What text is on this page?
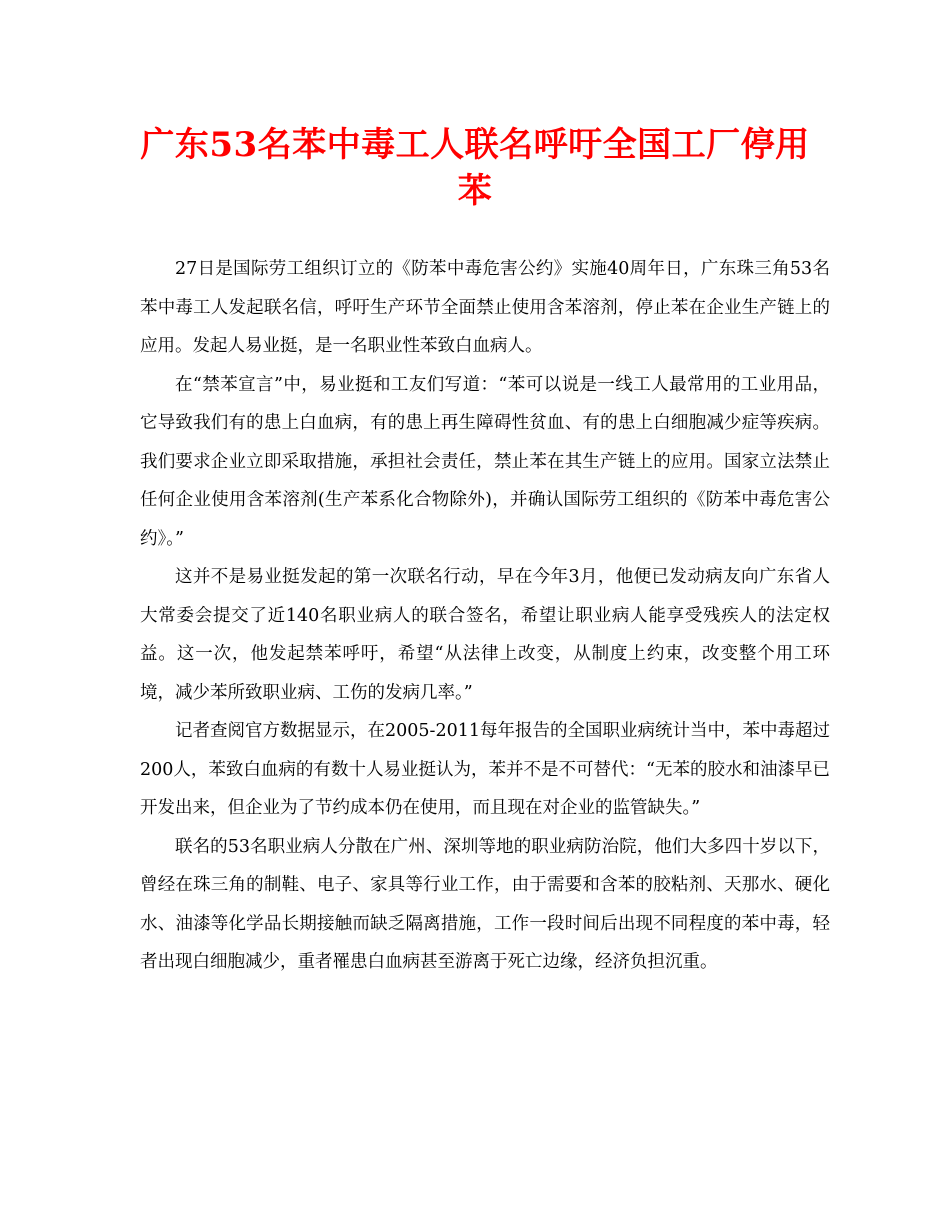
广东53名苯中毒工人联名呼吁全国工厂停用苯

27日是国际劳工组织订立的《防苯中毒危害公约》实施40周年日，广东珠三角53名苯中毒工人发起联名信，呼吁生产环节全面禁止使用含苯溶剂，停止苯在企业生产链上的应用。发起人易业挺，是一名职业性苯致白血病人。

在“禁苯宣言”中，易业挺和工友们写道：“苯可以说是一线工人最常用的工业用品，它导致我们有的患上白血病，有的患上再生障碍性贫血、有的患上白细胞减少症等疾病。我们要求企业立即采取措施，承担社会责任，禁止苯在其生产链上的应用。国家立法禁止任何企业使用含苯溶剂(生产苯系化合物除外)，并确认国际劳工组织的《防苯中毒危害公约》。”

这并不是易业挺发起的第一次联名行动，早在今年3月，他便已发动病友向广东省人大常委会提交了近140名职业病人的联合签名，希望让职业病人能享受残疾人的法定权益。这一次，他发起禁苯呼吁，希望“从法律上改变，从制度上约束，改变整个用工环境，减少苯所致职业病、工伤的发病几率。”

记者查阅官方数据显示，在2005-2011每年报告的全国职业病统计当中，苯中毒超过200人，苯致白血病的有数十人易业挺认为，苯并不是不可替代：“无苯的胶水和油漆早已开发出来，但企业为了节约成本仍在使用，而且现在对企业的监管缺失。”

联名的53名职业病人分散在广州、深圳等地的职业病防治院，他们大多四十岁以下，曾经在珠三角的制鞋、电子、家具等行业工作，由于需要和含苯的胶粘剂、天那水、硬化水、油漆等化学品长期接触而缺乏隔离措施，工作一段时间后出现不同程度的苯中毒，轻者出现白细胞减少，重者罹患白血病甚至游离于死亡边缘，经济负担沉重。
